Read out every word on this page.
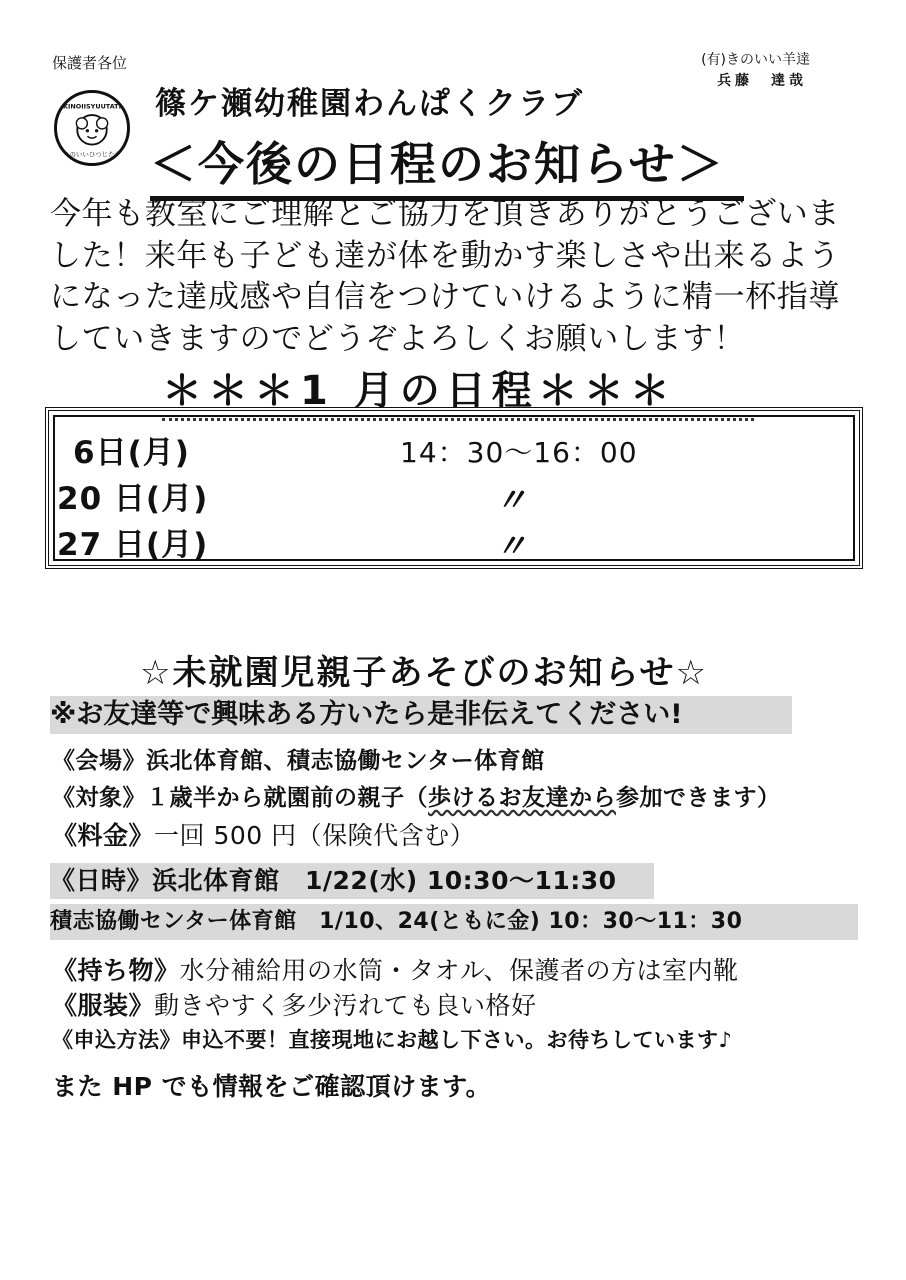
保護者各位	(有)きのいい羊達
兵藤　達哉
KINOIISYUUTATI
きのいいひつじたち
篠ケ瀬幼稚園わんぱくクラブ
＜今後の日程のお知らせ＞
今年も教室にご理解とご協力を頂きありがとうございました！来年も子ども達が体を動かす楽しさや出来るようになった達成感や自信をつけていけるように精一杯指導していきますのでどうぞよろしくお願いします！
＊＊＊1 月の日程＊＊＊
6日(月)	14：30～16：00
20 日(月)	〃
27 日(月)	〃
☆未就園児親子あそびのお知らせ☆
※お友達等で興味ある方いたら是非伝えてください!
《会場》浜北体育館、積志協働センター体育館
《対象》１歳半から就園前の親子（歩けるお友達から参加できます）
《料金》一回 500 円（保険代含む）
《日時》浜北体育館　1/22(水) 10:30～11:30
積志協働センター体育館　1/10、24(ともに金) 10：30～11：30
《持ち物》水分補給用の水筒・タオル、保護者の方は室内靴
《服装》動きやすく多少汚れても良い格好
《申込方法》申込不要！直接現地にお越し下さい。お待ちしています♪
また HP でも情報をご確認頂けます。
